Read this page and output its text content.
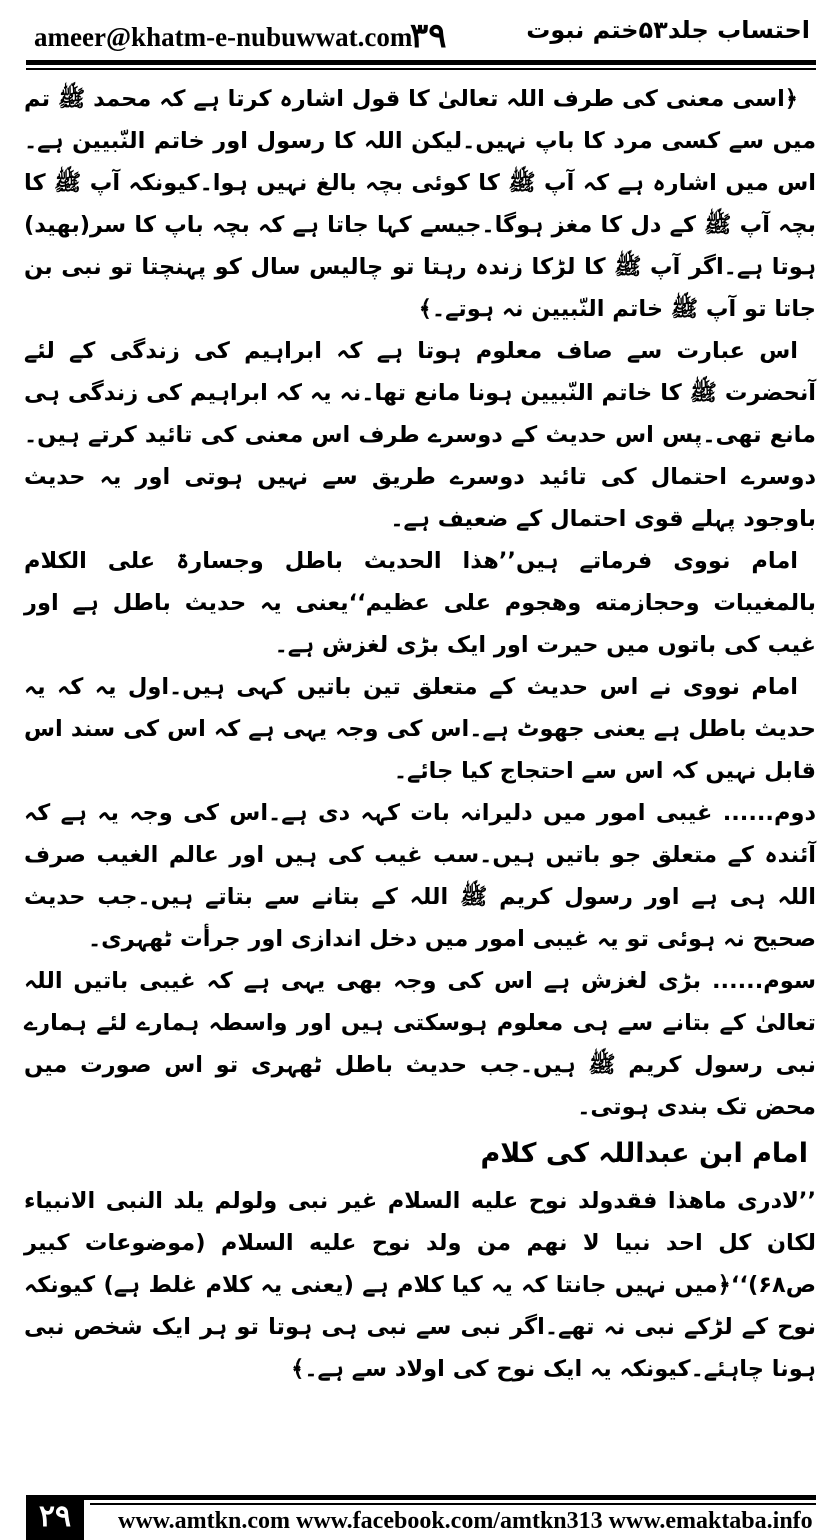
ameer@khatm-e-nubuwwat.com
۳۹	احتساب جلد۵۳ختم نبوت

﴿اسی معنی کی طرف اللہ تعالیٰ کا قول اشارہ کرتا ہے کہ محمد ﷺ تم میں سے کسی مرد کا باپ نہیں۔لیکن اللہ کا رسول اور خاتم النّبیین ہے۔اس میں اشارہ ہے کہ آپ ﷺ کا کوئی بچہ بالغ نہیں ہوا۔کیونکہ آپ ﷺ کا بچہ آپ ﷺ کے دل کا مغز ہوگا۔جیسے کہا جاتا ہے کہ بچہ باپ کا سر(بھید) ہوتا ہے۔اگر آپ ﷺ کا لڑکا زندہ رہتا تو چالیس سال کو پہنچتا تو نبی بن جاتا تو آپ ﷺ خاتم النّبیین نہ ہوتے۔﴾

اس عبارت سے صاف معلوم ہوتا ہے کہ ابراہیم کی زندگی کے لئے آنحضرت ﷺ کا خاتم النّبیین ہونا مانع تھا۔نہ یہ کہ ابراہیم کی زندگی ہی مانع تھی۔پس اس حدیث کے دوسرے طرف اس معنی کی تائید کرتے ہیں۔دوسرے احتمال کی تائید دوسرے طریق سے نہیں ہوتی اور یہ حدیث باوجود پہلے قوی احتمال کے ضعیف ہے۔

امام نووی فرماتے ہیں’’ھذا الحدیث باطل وجسارۃ علی الکلام بالمغیبات وحجازمته وھجوم علی عظیم‘‘یعنی یہ حدیث باطل ہے اور غیب کی باتوں میں حیرت اور ایک بڑی لغزش ہے۔

امام نووی نے اس حدیث کے متعلق تین باتیں کہی ہیں۔اول یہ کہ یہ حدیث باطل ہے یعنی جھوٹ ہے۔اس کی وجہ یہی ہے کہ اس کی سند اس قابل نہیں کہ اس سے احتجاج کیا جائے۔

دوم...... غیبی امور میں دلیرانہ بات کہہ دی ہے۔اس کی وجہ یہ ہے کہ آئندہ کے متعلق جو باتیں ہیں۔سب غیب کی ہیں اور عالم الغیب صرف اللہ ہی ہے اور رسول کریم ﷺ اللہ کے بتانے سے بتاتے ہیں۔جب حدیث صحیح نہ ہوئی تو یہ غیبی امور میں دخل اندازی اور جرأت ٹھہری۔

سوم...... بڑی لغزش ہے اس کی وجہ بھی یہی ہے کہ غیبی باتیں اللہ تعالیٰ کے بتانے سے ہی معلوم ہوسکتی ہیں اور واسطہ ہمارے لئے ہمارے نبی رسول کریم ﷺ ہیں۔جب حدیث باطل ٹھہری تو اس صورت میں محض تک بندی ہوتی۔

امام ابن عبداللہ کی کلام

’’لادری ماھذا فقدولد نوح علیه السلام غیر نبی ولولم یلد النبی الانبیاء لکان کل احد نبیا لا نھم من ولد نوح علیه السلام (موضوعات کبیر ص۶۸)‘‘﴿میں نہیں جانتا کہ یہ کیا کلام ہے (یعنی یہ کلام غلط ہے) کیونکہ نوح کے لڑکے نبی نہ تھے۔اگر نبی سے نبی ہی ہوتا تو ہر ایک شخص نبی ہونا چاہئے۔کیونکہ یہ ایک نوح کی اولاد سے ہے۔﴾

۲۹	www.amtkn.com www.facebook.com/amtkn313 www.emaktaba.info
